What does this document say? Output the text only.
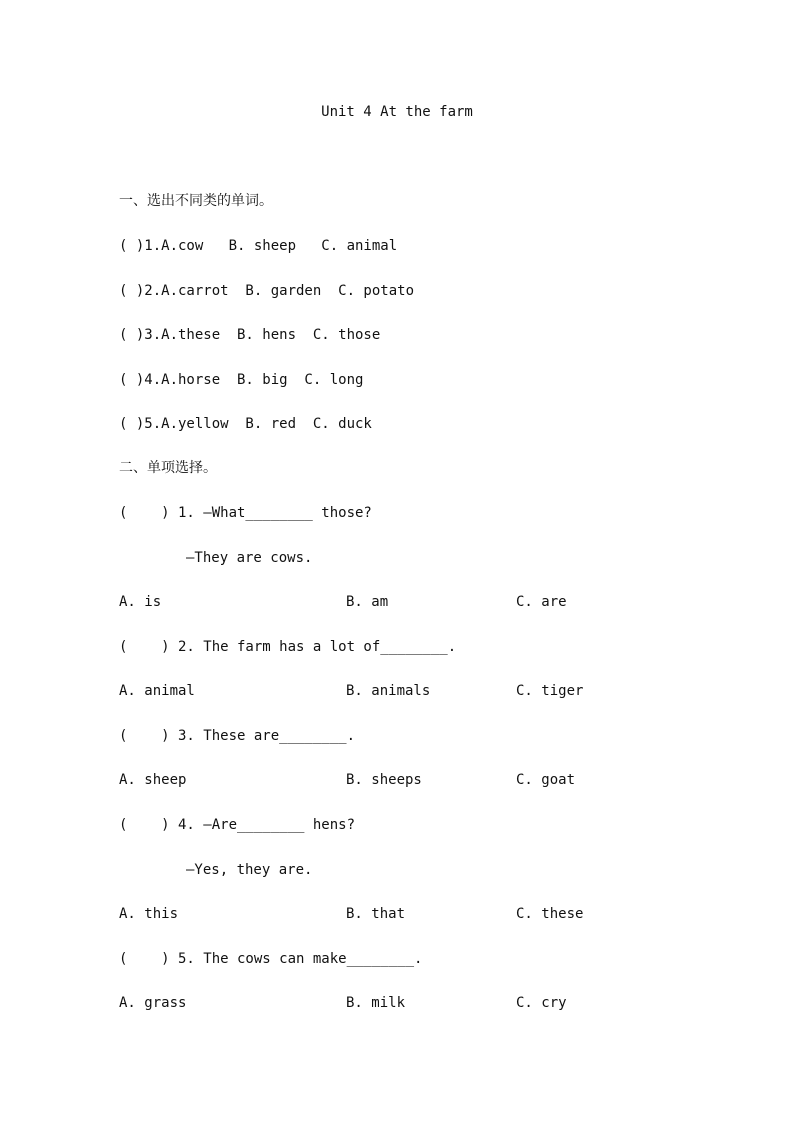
Unit 4 At the farm
一、选出不同类的单词。
( )1.A.cow   B. sheep   C. animal
( )2.A.carrot  B. garden  C. potato
( )3.A.these  B. hens  C. those
( )4.A.horse  B. big  C. long
( )5.A.yellow  B. red  C. duck
二、单项选择。
(    ) 1. —What________ those?
—They are cows.
A. is	B. am	C. are
(    ) 2. The farm has a lot of________.
A. animal	B. animals	C. tiger
(    ) 3. These are________.
A. sheep	B. sheeps	C. goat
(    ) 4. —Are________ hens?
—Yes, they are.
A. this	B. that	C. these
(    ) 5. The cows can make________.
A. grass	B. milk	C. cry
